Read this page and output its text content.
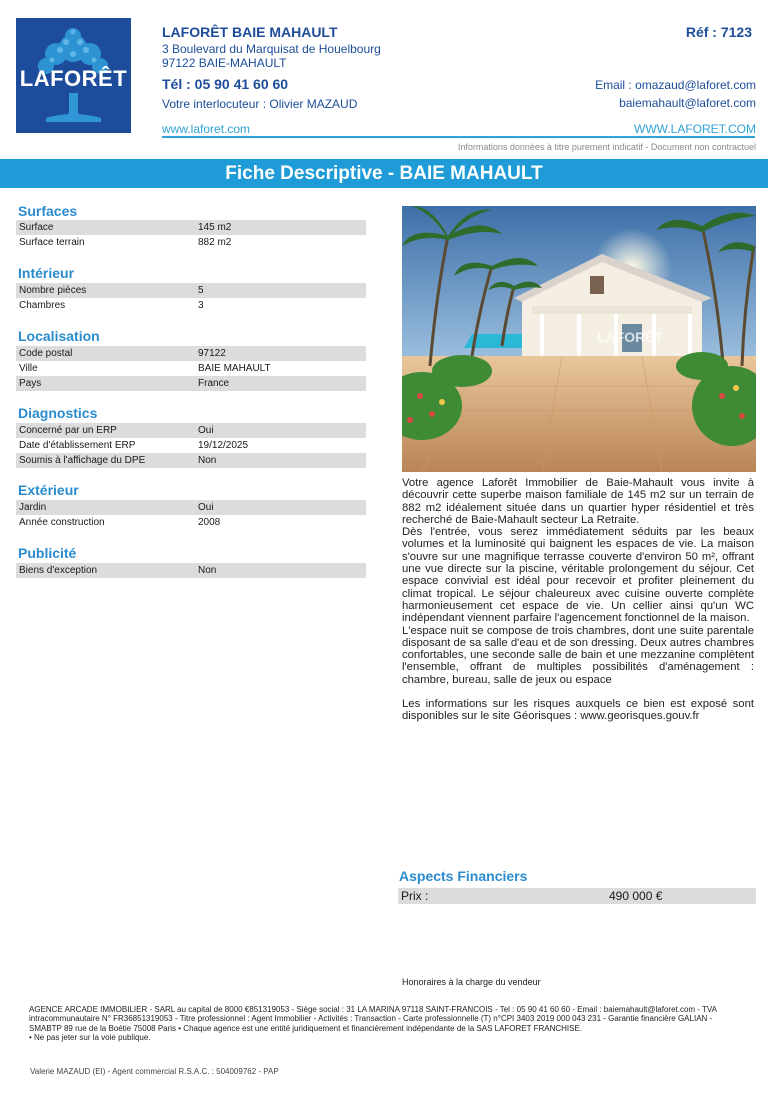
LAFORÊT
LAFORÊT BAIE MAHAULT	Réf : 7123
3 Boulevard du Marquisat de Houelbourg
97122 BAIE-MAHAULT
Tél : 05 90 41 60 60
Votre interlocuteur : Olivier MAZAUD
Email : omazaud@laforet.com
baiemahault@laforet.com
www.laforet.com	WWW.LAFORET.COM
Informations données à titre purement indicatif - Document non contractuel
Fiche Descriptive - BAIE MAHAULT
Surfaces
Surface	145 m2
Surface terrain	882 m2
Intérieur
Nombre pièces	5
Chambres	3
Localisation
Code postal	97122
Ville	BAIE MAHAULT
Pays	France
Diagnostics
Concerné par un ERP	Oui
Date d'établissement ERP	19/12/2025
Soumis à l'affichage du DPE	Non
Extérieur
Jardin	Oui
Année construction	2008
Publicité
Biens d'exception	Non
LAFORÊT

Votre agence Laforêt Immobilier de Baie-Mahault vous invite à découvrir cette superbe maison familiale de 145 m2 sur un terrain de 882 m2 idéalement située dans un quartier hyper résidentiel et très recherché de Baie-Mahault secteur La Retraite.

Dès l'entrée, vous serez immédiatement séduits par les beaux volumes et la luminosité qui baignent les espaces de vie. La maison s'ouvre sur une magnifique terrasse couverte d'environ 50 m², offrant une vue directe sur la piscine, véritable prolongement du séjour. Cet espace convivial est idéal pour recevoir et profiter pleinement du climat tropical. Le séjour chaleureux avec cuisine ouverte complète harmonieusement cet espace de vie. Un cellier ainsi qu'un WC indépendant viennent parfaire l'agencement fonctionnel de la maison.

L'espace nuit se compose de trois chambres, dont une suite parentale disposant de sa salle d'eau et de son dressing. Deux autres chambres confortables, une seconde salle de bain et une mezzanine complètent l'ensemble, offrant de multiples possibilités d'aménagement : chambre, bureau, salle de jeux ou espace

Les informations sur les risques auxquels ce bien est exposé sont disponibles sur le site Géorisques : www.georisques.gouv.fr

Aspects Financiers
Prix :	490 000 €
Honoraires à la charge du vendeur

AGENCE ARCADE IMMOBILIER - SARL au capital de 8000 €851319053 - Siège social : 31 LA MARINA 97118 SAINT-FRANCOIS - Tel : 05 90 41 60 60 - Email : baiemahault@laforet.com - TVA intracommunautaire N° FR36851319053 - Titre professionnel : Agent Immobilier - Activités : Transaction - Carte professionnelle (T) n°CPI 3403 2019 000 043 231 - Garantie financière GALIAN - SMABTP 89 rue de la Boétie 75008 Paris • Chaque agence est une entité juridiquement et financièrement indépendante de la SAS LAFORET FRANCHISE.

• Ne pas jeter sur la voie publique.

Valerie MAZAUD (EI) - Agent commercial R.S.A.C. : 504009762 - PAP
